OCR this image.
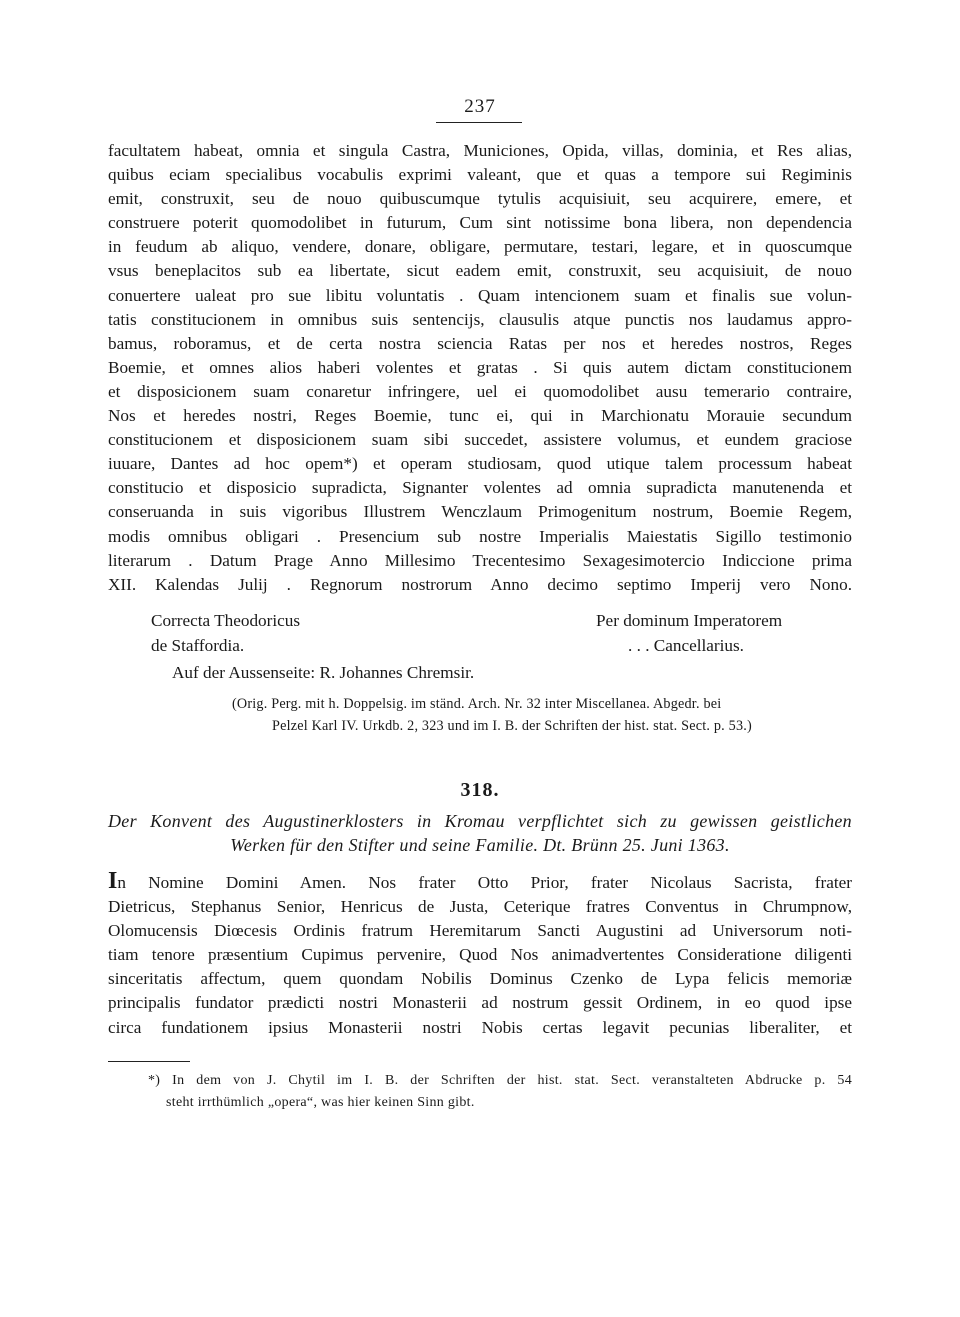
237
facultatem habeat, omnia et singula Castra, Municiones, Opida, villas, dominia, et Res alias,
quibus eciam specialibus vocabulis exprimi valeant, que et quas a tempore sui Regiminis
emit, construxit, seu de nouo quibuscumque tytulis acquisiuit, seu acquirere, emere, et
construere poterit quomodolibet in futurum, Cum sint notissime bona libera, non dependencia
in feudum ab aliquo, vendere, donare, obligare, permutare, testari, legare, et in quoscumque
vsus beneplacitos sub ea libertate, sicut eadem emit, construxit, seu acquisiuit, de nouo
conuertere ualeat pro sue libitu voluntatis . Quam intencionem suam et finalis sue volun-
tatis constitucionem in omnibus suis sentencijs, clausulis atque punctis nos laudamus appro-
bamus, roboramus, et de certa nostra sciencia Ratas per nos et heredes nostros, Reges
Boemie, et omnes alios haberi volentes et gratas . Si quis autem dictam constitucionem
et disposicionem suam conaretur infringere, uel ei quomodolibet ausu temerario contraire,
Nos et heredes nostri, Reges Boemie, tunc ei, qui in Marchionatu Morauie secundum
constitucionem et disposicionem suam sibi succedet, assistere volumus, et eundem graciose
iuuare, Dantes ad hoc opem*) et operam studiosam, quod utique talem processum habeat
constitucio et disposicio supradicta, Signanter volentes ad omnia supradicta manutenenda et
conseruanda in suis vigoribus Illustrem Wenczlaum Primogenitum nostrum, Boemie Regem,
modis omnibus obligari . Presencium sub nostre Imperialis Maiestatis Sigillo testimonio
literarum . Datum Prage Anno Millesimo Trecentesimo Sexagesimotercio Indiccione prima
XII. Kalendas Julij . Regnorum nostrorum Anno decimo septimo Imperij vero Nono.
Correcta Theodoricus
de Staffordia.
Per dominum Imperatorem
. . . Cancellarius.
Auf der Aussenseite: R. Johannes Chremsir.
(Orig. Perg. mit h. Doppelsig. im ständ. Arch. Nr. 32 inter Miscellanea. Abgedr. bei
Pelzel Karl IV. Urkdb. 2, 323 und im I. B. der Schriften der hist. stat. Sect. p. 53.)
318.
Der Konvent des Augustinerklosters in Kromau verpflichtet sich zu gewissen geistlichen
Werken für den Stifter und seine Familie. Dt. Brünn 25. Juni 1363.
In Nomine Domini Amen. Nos frater Otto Prior, frater Nicolaus Sacrista, frater
Dietricus, Stephanus Senior, Henricus de Justa, Ceterique fratres Conventus in Chrumpnow,
Olomucensis Diœcesis Ordinis fratrum Heremitarum Sancti Augustini ad Universorum noti-
tiam tenore præsentium Cupimus pervenire, Quod Nos animadvertentes Consideratione diligenti
sinceritatis affectum, quem quondam Nobilis Dominus Czenko de Lypa felicis memoriæ
principalis fundator prædicti nostri Monasterii ad nostrum gessit Ordinem, in eo quod ipse
circa fundationem ipsius Monasterii nostri Nobis certas legavit pecunias liberaliter, et
*) In dem von J. Chytil im I. B. der Schriften der hist. stat. Sect. veranstalteten Abdrucke p. 54
steht irrthümlich „opera“, was hier keinen Sinn gibt.
